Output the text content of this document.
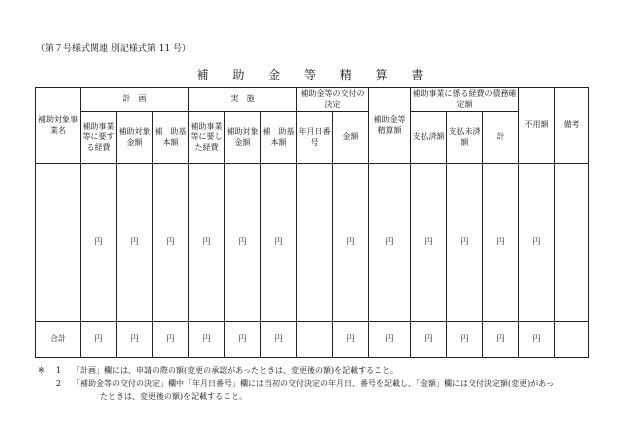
（第７号様式関連 別記様式第 11 号）
補 助 金 等 精 算 書
補助対象事業名	計　画			実　施			補助金等の交付の決定		補助金等精算額	補助事業に係る経費の債務確定額			不用額	備考
	補助事業等に要する経費	補助対象金額	補　助基本額	補助事業等に要した経費	補助対象金額	補　助基本額	年月日番号	金額		支払済額	支払未済額	計		
	円	円	円	円	円	円		円	円	円	円	円	円	
合計	円	円	円	円	円	円		円	円	円	円	円	円	
※	1	「計画」欄には、申請の際の額(変更の承認があったときは、変更後の額)を記載すること。
2	「補助金等の交付の決定」欄中「年月日番号」欄には当初の交付決定の年月日、番号を記載し、「金額」欄には交付決定額(変更)があっ
たときは、変更後の額)を記載すること。
